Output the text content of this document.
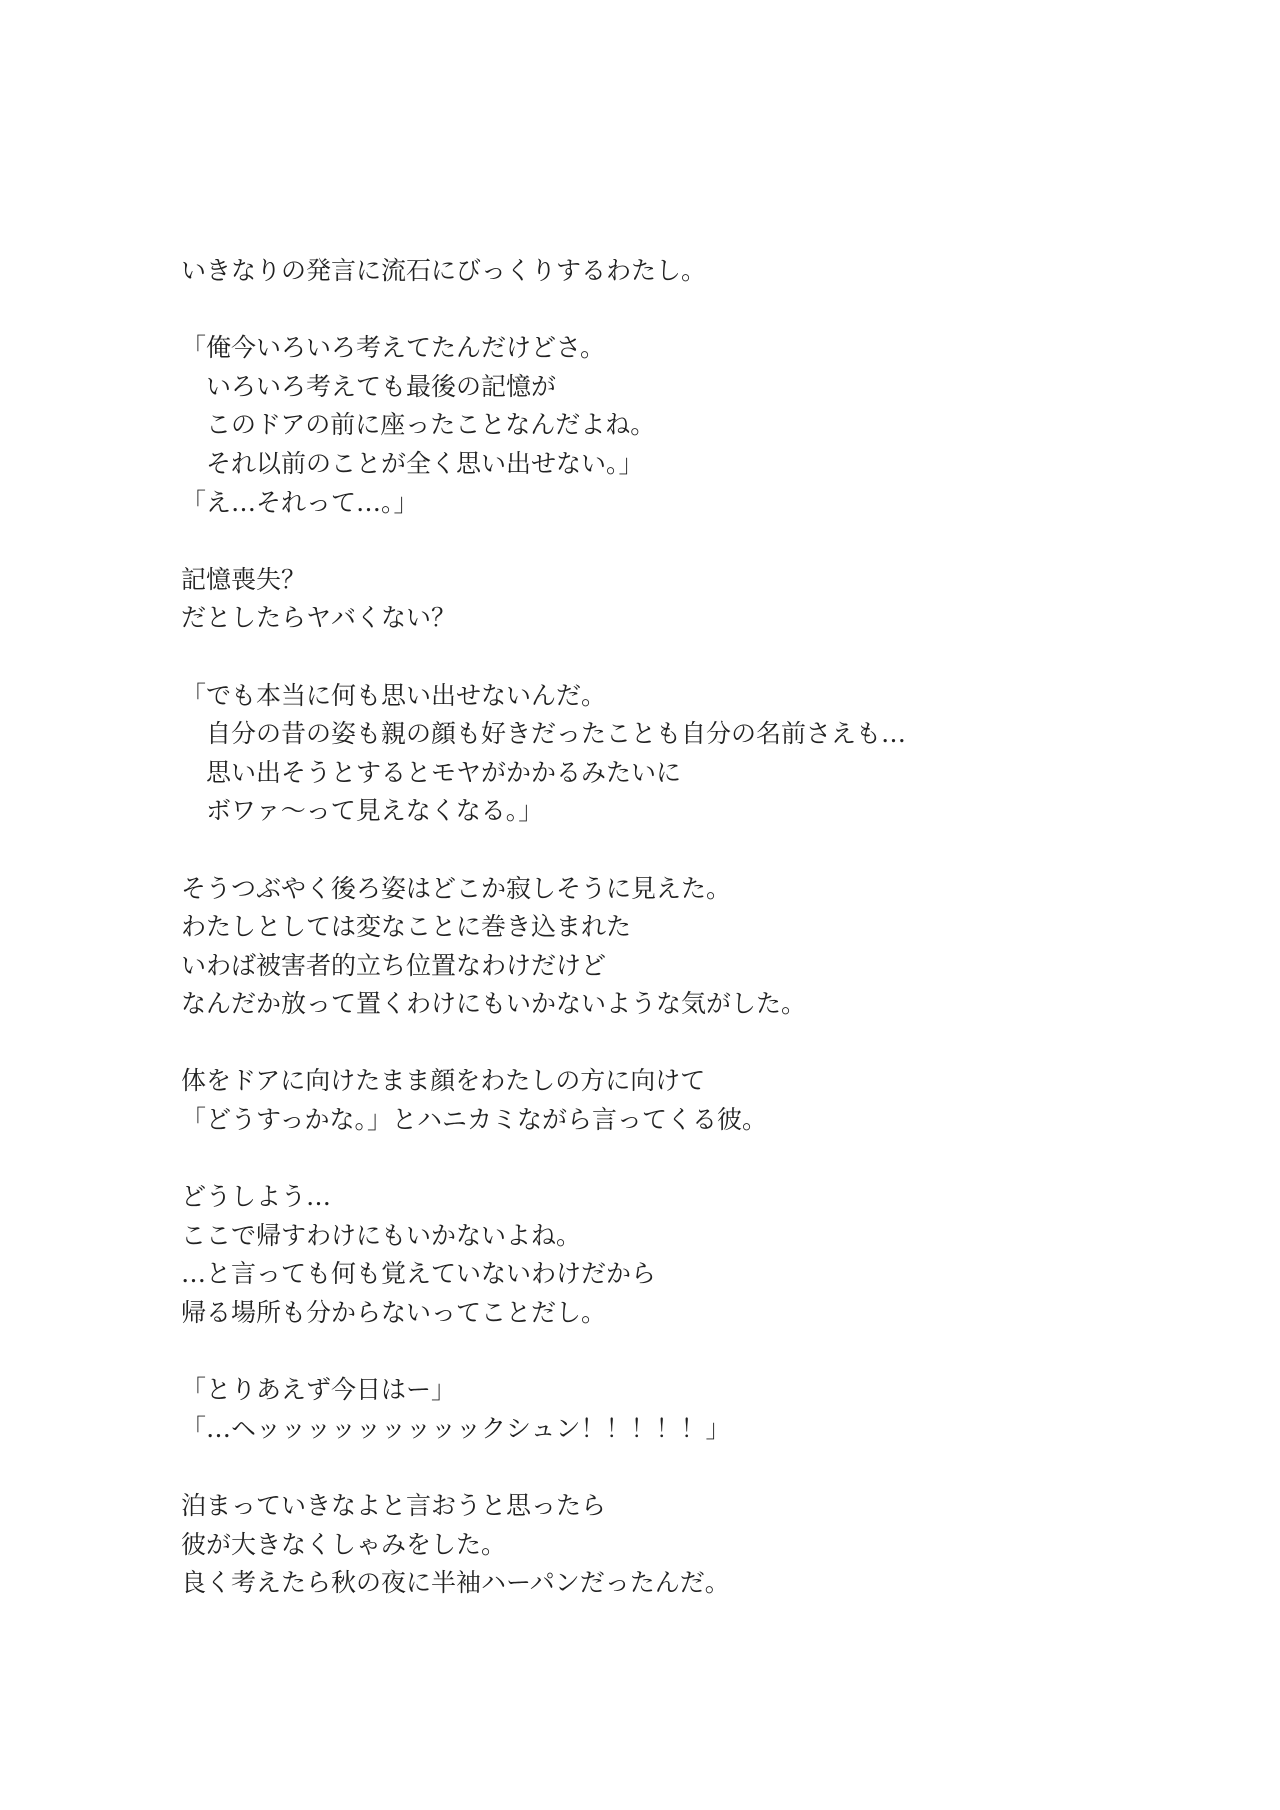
いきなりの発言に流石にびっくりするわたし。
「俺今いろいろ考えてたんだけどさ。
　いろいろ考えても最後の記憶が
　このドアの前に座ったことなんだよね。
　それ以前のことが全く思い出せない。」
「え…それって…。」
記憶喪失？
だとしたらヤバくない？
「でも本当に何も思い出せないんだ。
　自分の昔の姿も親の顔も好きだったことも自分の名前さえも…
　思い出そうとするとモヤがかかるみたいに
　ボワァ〜って見えなくなる。」
そうつぶやく後ろ姿はどこか寂しそうに見えた。
わたしとしては変なことに巻き込まれた
いわば被害者的立ち位置なわけだけど
なんだか放って置くわけにもいかないような気がした。
体をドアに向けたまま顔をわたしの方に向けて
「どうすっかな。」とハニカミながら言ってくる彼。
どうしよう…
ここで帰すわけにもいかないよね。
…と言っても何も覚えていないわけだから
帰る場所も分からないってことだし。
「とりあえず今日はー」
「…ヘッッッッッッッッックシュン！！！！！」
泊まっていきなよと言おうと思ったら
彼が大きなくしゃみをした。
良く考えたら秋の夜に半袖ハーパンだったんだ。
